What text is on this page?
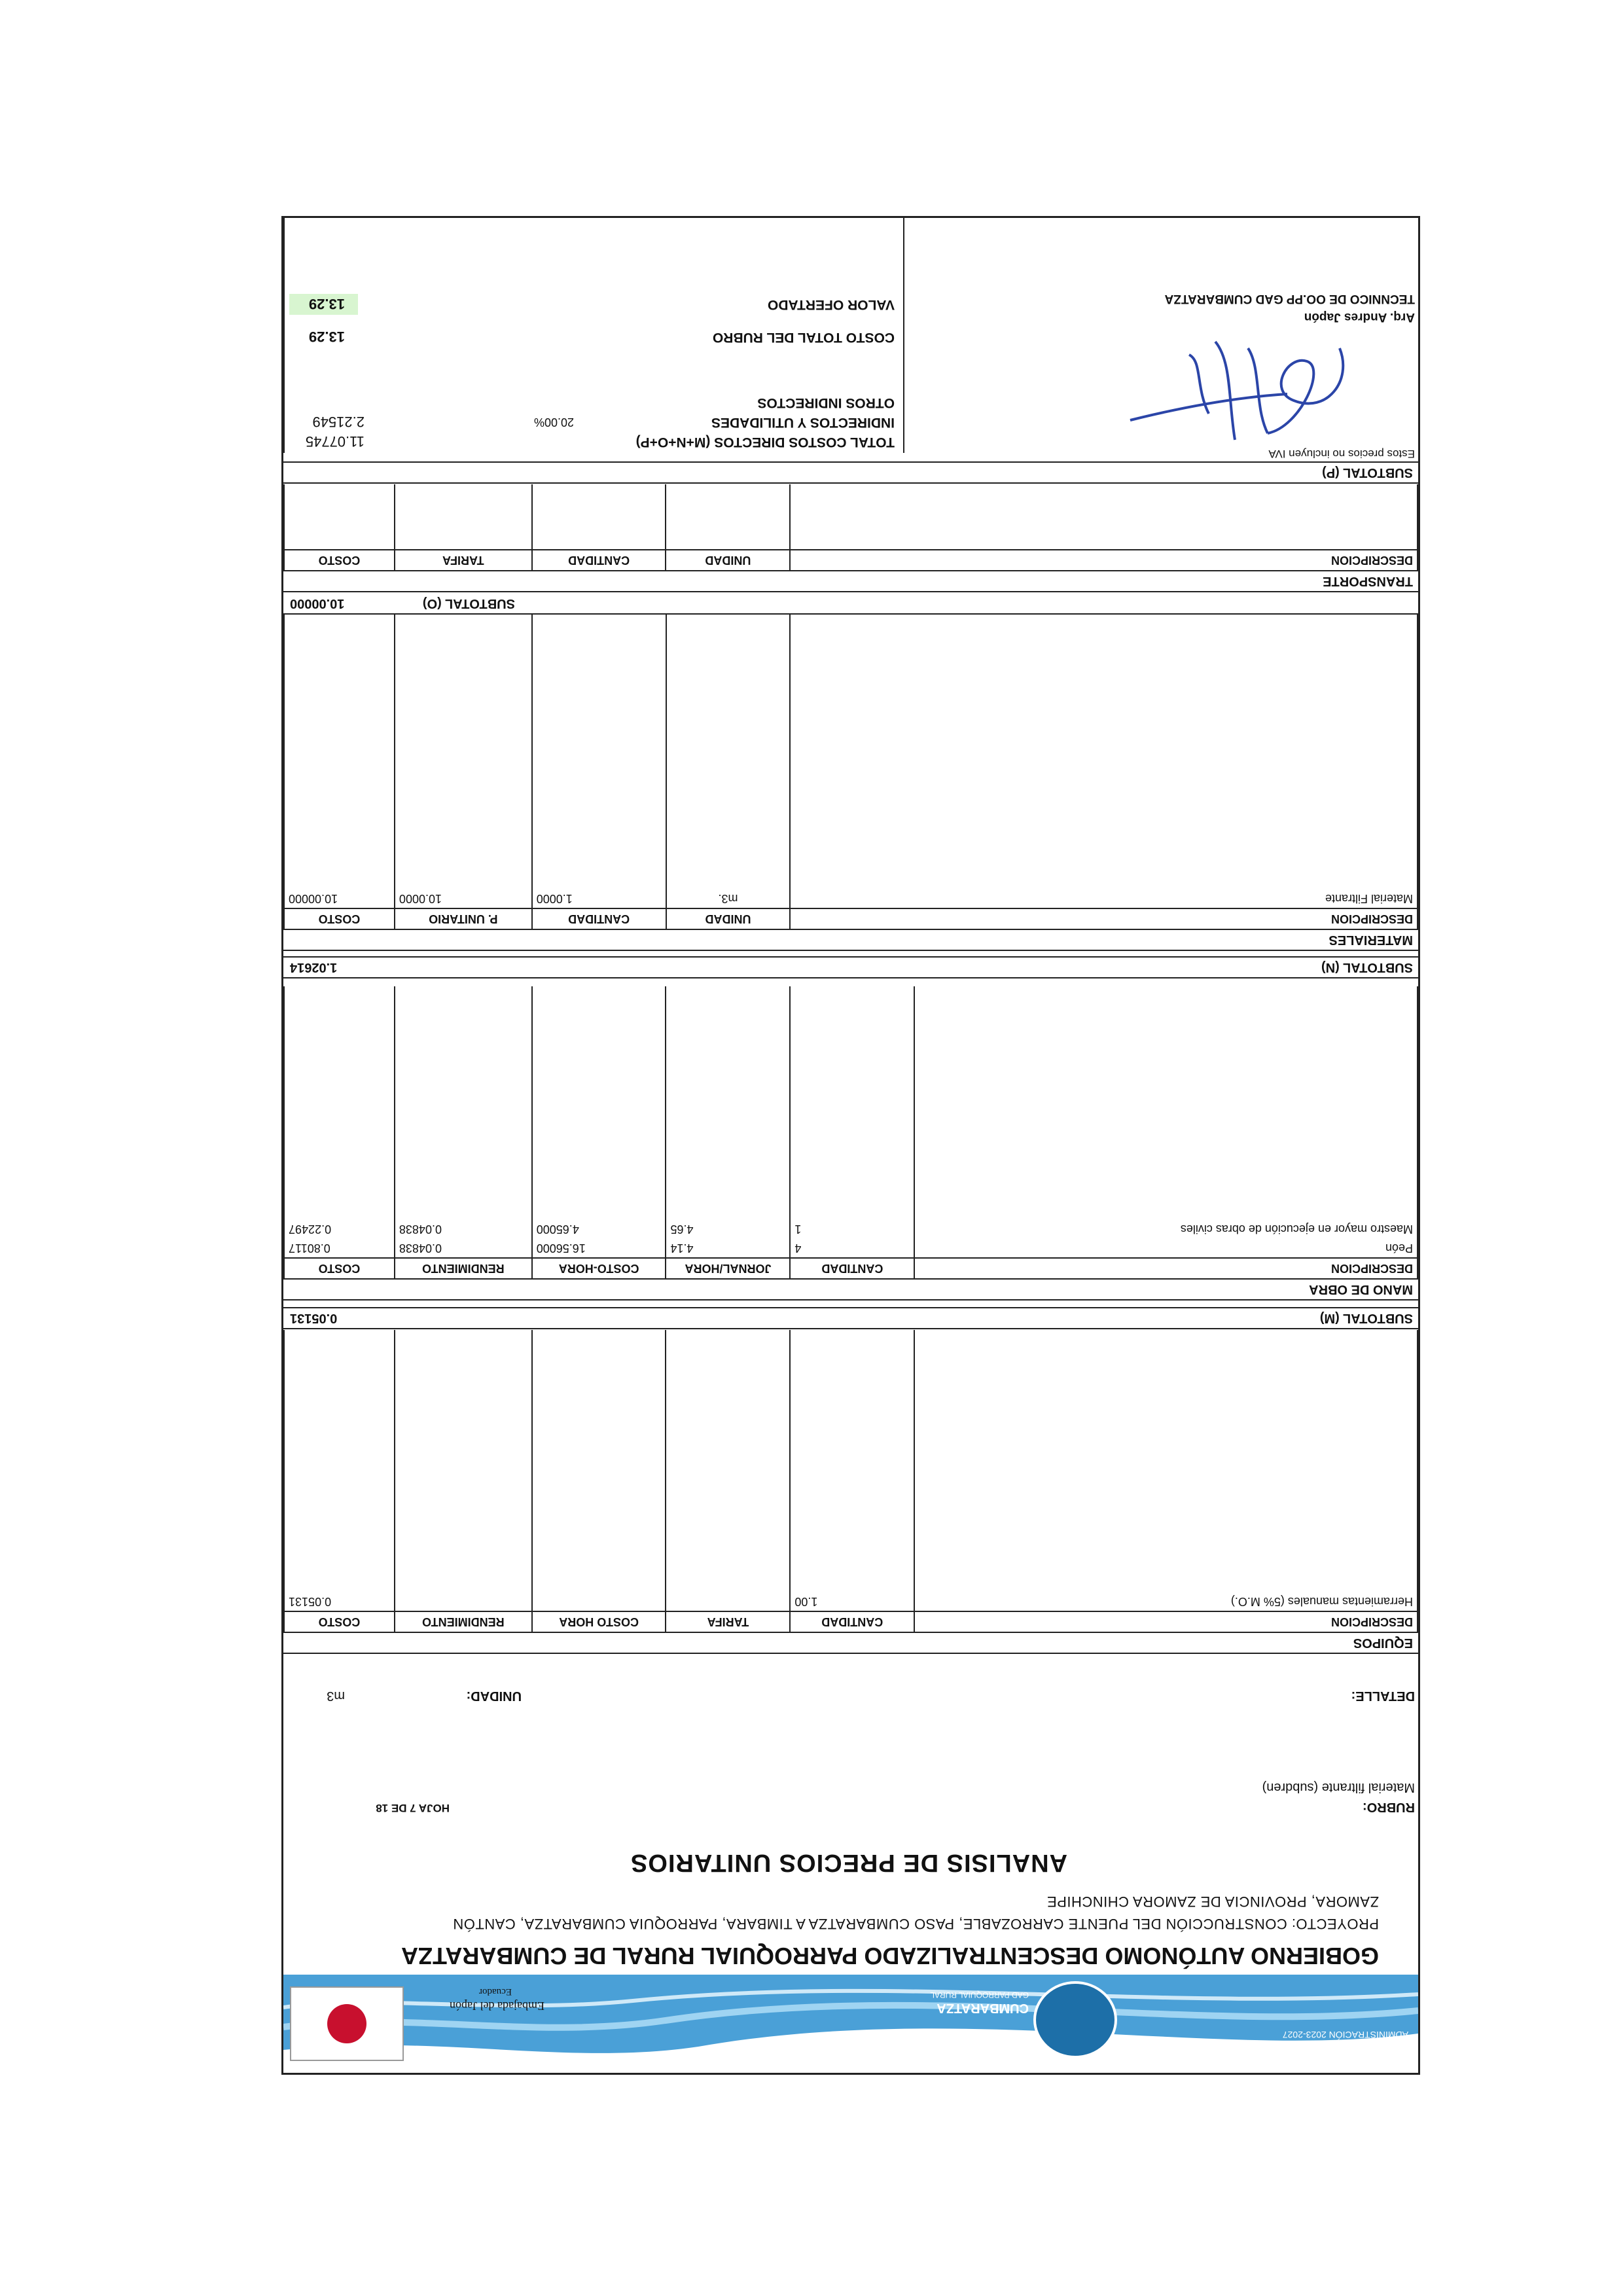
DPTO. TÉCNICO
ADMINISTRACIÓN 2023-2027
CUMBARATZA
GAD PARROQUIAL RURAL
Embajada del Japón
Ecuador
GOBIERNO AUTÓNOMO DESCENTRALIZADO PARROQUIAL RURAL DE CUMBARATZA
PROYECTO: CONSTRUCCIÓN DEL PUENTE CARROZABLE, PASO CUMBARATZA A TIMBARA, PARROQUIA CUMBARATZA, CANTÓN
ZAMORA, PROVINCIA DE ZAMORA CHINCHIPE
ANALISIS DE PRECIOS UNITARIOS
RUBRO:
Material filtrante (subdren)
HOJA 7 DE 18
DETALLE:
UNIDAD:
m3
EQUIPOS
DESCRIPCION	CANTIDAD	TARIFA	COSTO HORA	RENDIMIENTO	COSTO
Herramientas manuales (5% M.O.)	1.00				0.05131
SUBTOTAL (M)
0.05131
MANO DE OBRA
DESCRIPCION	CANTIDAD	JORNAL/HORA	COSTO-HORA	RENDIMIENTO	COSTO
Peón	4	4.14	16.56000	0.04838	0.80117
Maestro mayor en ejecución de obras civiles	1	4.65	4.65000	0.04838	0.22497
SUBTOTAL (N)
1.02614
MATERIALES
DESCRIPCION	UNIDAD	CANTIDAD	P. UNITARIO	COSTO
Material Filtrante	m3.	1.0000	10.0000	10.00000
SUBTOTAL (O)
10.00000
TRANSPORTE
DESCRIPCION	UNIDAD	CANTIDAD	TARIFA	COSTO

SUBTOTAL (P)
Estos precios no incluyen IVA
Arq. Andres Japón
TECNNICO DE OO.PP GAD CUMBARATZA
TOTAL COSTOS DIRECTOS (M+N+O+P)
11.07745
INDIRECTOS Y UTILIDADES
20.00%
2.21549
OTROS INDIRECTOS
COSTO TOTAL DEL RUBRO
13.29
VALOR OFERTADO
13.29
